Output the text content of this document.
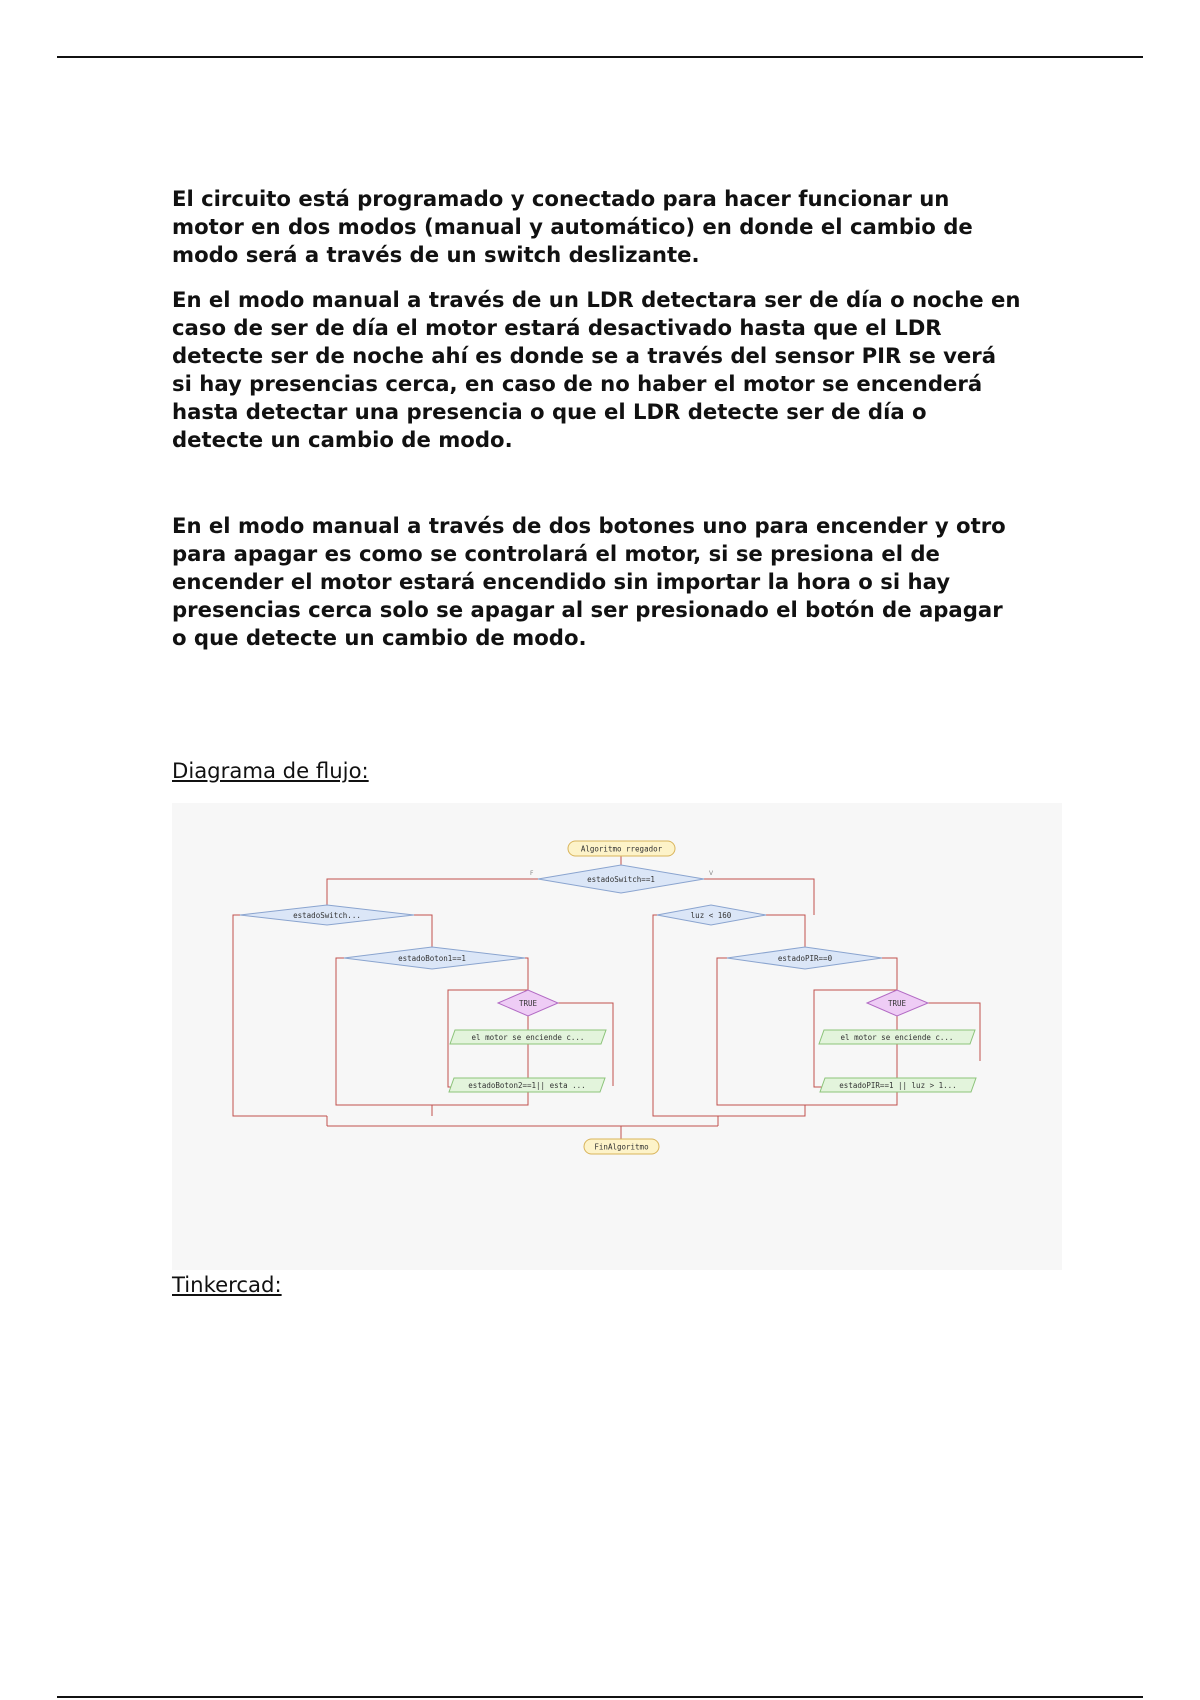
El circuito está programado y conectado para hacer funcionar un
motor en dos modos (manual y automático) en donde el cambio de
modo será a través de un switch deslizante.

En el modo manual a través de un LDR detectara ser de día o noche en
caso de ser de día el motor estará desactivado hasta que el LDR
detecte ser de noche ahí es donde se a través del sensor PIR se verá
si hay presencias cerca, en caso de no haber el motor se encenderá
hasta detectar una presencia o que el LDR detecte ser de día o
detecte un cambio de modo.

En el modo manual a través de dos botones uno para encender y otro
para apagar es como se controlará el motor, si se presiona el de
encender el motor estará encendido sin importar la hora o si hay
presencias cerca solo se apagar al ser presionado el botón de apagar
o que detecte un cambio de modo.

Diagrama de flujo:

Algoritmo rregador
estadoSwitch==1
F	V
estadoSwitch...
estadoBoton1==1
TRUE
el motor se enciende c...
estadoBoton2==1|| esta ...
luz < 160
estadoPIR==0
TRUE
el motor se enciende c...
estadoPIR==1 || luz > 1...
FinAlgoritmo

Tinkercad:
